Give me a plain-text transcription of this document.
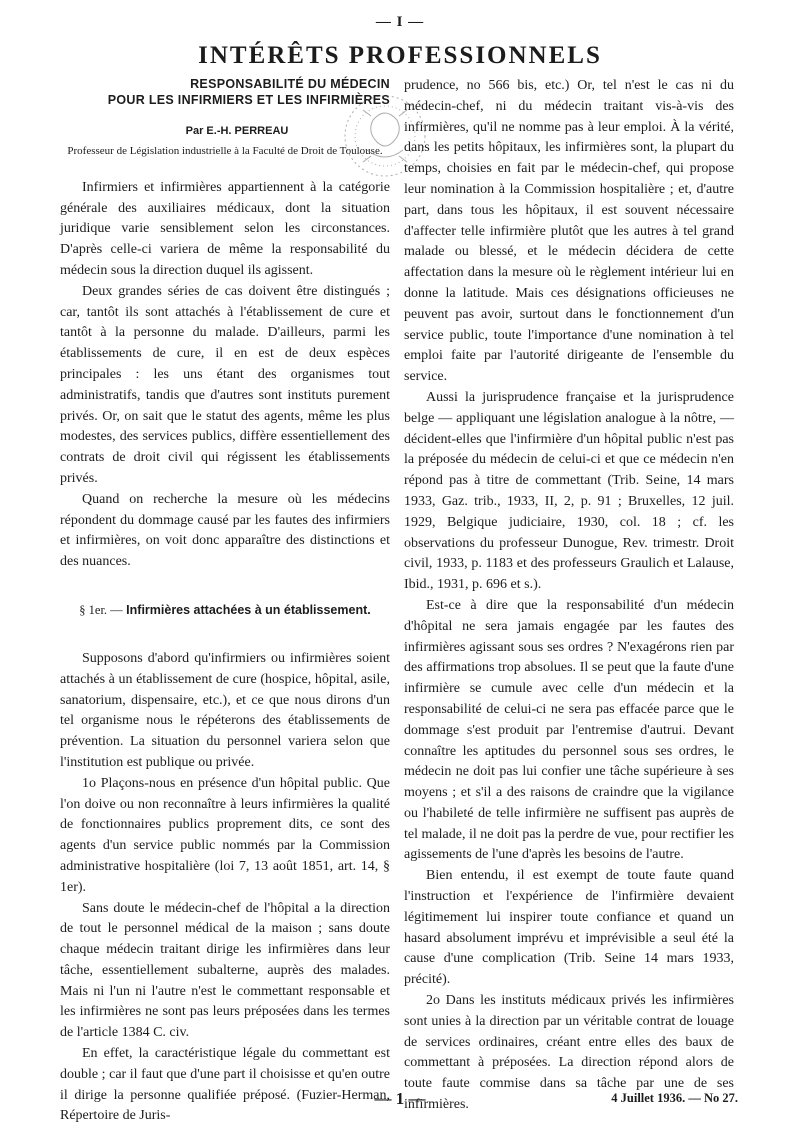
— I —
INTÉRÊTS PROFESSIONNELS
RESPONSABILITÉ DU MÉDECIN
POUR LES INFIRMIERS ET LES INFIRMIÈRES
Par E.-H. PERREAU
Professeur de Législation industrielle à la Faculté de Droit de Toulouse.

Infirmiers et infirmières appartiennent à la catégorie générale des auxiliaires médicaux, dont la situation juridique varie sensiblement selon les circonstances. D'après celle-ci variera de même la responsabilité du médecin sous la direction duquel ils agissent.

Deux grandes séries de cas doivent être distingués ; car, tantôt ils sont attachés à l'établissement de cure et tantôt à la personne du malade. D'ailleurs, parmi les établissements de cure, il en est de deux espèces principales : les uns étant des organismes tout administratifs, tandis que d'autres sont instituts purement privés. Or, on sait que le statut des agents, même les plus modestes, des services publics, diffère essentiellement des contrats de droit civil qui régissent les établissements privés.

Quand on recherche la mesure où les médecins répondent du dommage causé par les fautes des infirmiers et infirmières, on voit donc apparaître des distinctions et des nuances.

§ 1er. — Infirmières attachées à un établissement.

Supposons d'abord qu'infirmiers ou infirmières soient attachés à un établissement de cure (hospice, hôpital, asile, sanatorium, dispensaire, etc.), et ce que nous dirons d'un tel organisme nous le répéterons des établissements de prévention. La situation du personnel variera selon que l'institution est publique ou privée.

1o Plaçons-nous en présence d'un hôpital public. Que l'on doive ou non reconnaître à leurs infirmières la qualité de fonctionnaires publics proprement dits, ce sont des agents d'un service public nommés par la Commission administrative hospitalière (loi 7, 13 août 1851, art. 14, § 1er).

Sans doute le médecin-chef de l'hôpital a la direction de tout le personnel médical de la maison ; sans doute chaque médecin traitant dirige les infirmières dans leur tâche, essentiellement subalterne, auprès des malades. Mais ni l'un ni l'autre n'est le commettant responsable et les infirmières ne sont pas leurs préposées dans les termes de l'article 1384 C. civ.

En effet, la caractéristique légale du commettant est double ; car il faut que d'une part il choisisse et qu'en outre il dirige la personne qualifiée préposé. (Fuzier-Herman, Répertoire de Juris-

prudence, no 566 bis, etc.) Or, tel n'est le cas ni du médecin-chef, ni du médecin traitant vis-à-vis des infirmières, qu'il ne nomme pas à leur emploi. À la vérité, dans les petits hôpitaux, les infirmières sont, la plupart du temps, choisies en fait par le médecin-chef, qui propose leur nomination à la Commission hospitalière ; et, d'autre part, dans tous les hôpitaux, il est souvent nécessaire d'affecter telle infirmière plutôt que les autres à tel grand malade ou blessé, et le médecin décidera de cette affectation dans la mesure où le règlement intérieur lui en donne la latitude. Mais ces désignations officieuses ne peuvent pas avoir, surtout dans le fonctionnement d'un service public, toute l'importance d'une nomination à tel emploi faite par l'autorité dirigeante de l'ensemble du service.

Aussi la jurisprudence française et la jurisprudence belge — appliquant une législation analogue à la nôtre, — décident-elles que l'infirmière d'un hôpital public n'est pas la préposée du médecin de celui-ci et que ce médecin n'en répond pas à titre de commettant (Trib. Seine, 14 mars 1933, Gaz. trib., 1933, II, 2, p. 91 ; Bruxelles, 12 juil. 1929, Belgique judiciaire, 1930, col. 18 ; cf. les observations du professeur Dunogue, Rev. trimestr. Droit civil, 1933, p. 1183 et des professeurs Graulich et Lalause, Ibid., 1931, p. 696 et s.).

Est-ce à dire que la responsabilité d'un médecin d'hôpital ne sera jamais engagée par les fautes des infirmières agissant sous ses ordres ? N'exagérons rien par des affirmations trop absolues. Il se peut que la faute d'une infirmière se cumule avec celle d'un médecin et la responsabilité de celui-ci ne sera pas effacée parce que le dommage s'est produit par l'entremise d'autrui. Devant connaître les aptitudes du personnel sous ses ordres, le médecin ne doit pas lui confier une tâche supérieure à ses moyens ; et s'il a des raisons de craindre que la vigilance ou l'habileté de telle infirmière ne suffisent pas auprès de tel malade, il ne doit pas la perdre de vue, pour rectifier les agissements de l'une d'après les besoins de l'autre.

Bien entendu, il est exempt de toute faute quand l'instruction et l'expérience de l'infirmière devaient légitimement lui inspirer toute confiance et quand un hasard absolument imprévu et imprévisible a seul été la cause d'une complication (Trib. Seine 14 mars 1933, précité).

2o Dans les instituts médicaux privés les infirmières sont unies à la direction par un véritable contrat de louage de services ordinaires, créant entre elles des baux de commettant à préposées. La direction répond alors de toute faute commise dans sa tâche par une de ses infirmières.

— 1 —	4 Juillet 1936. — No 27.
